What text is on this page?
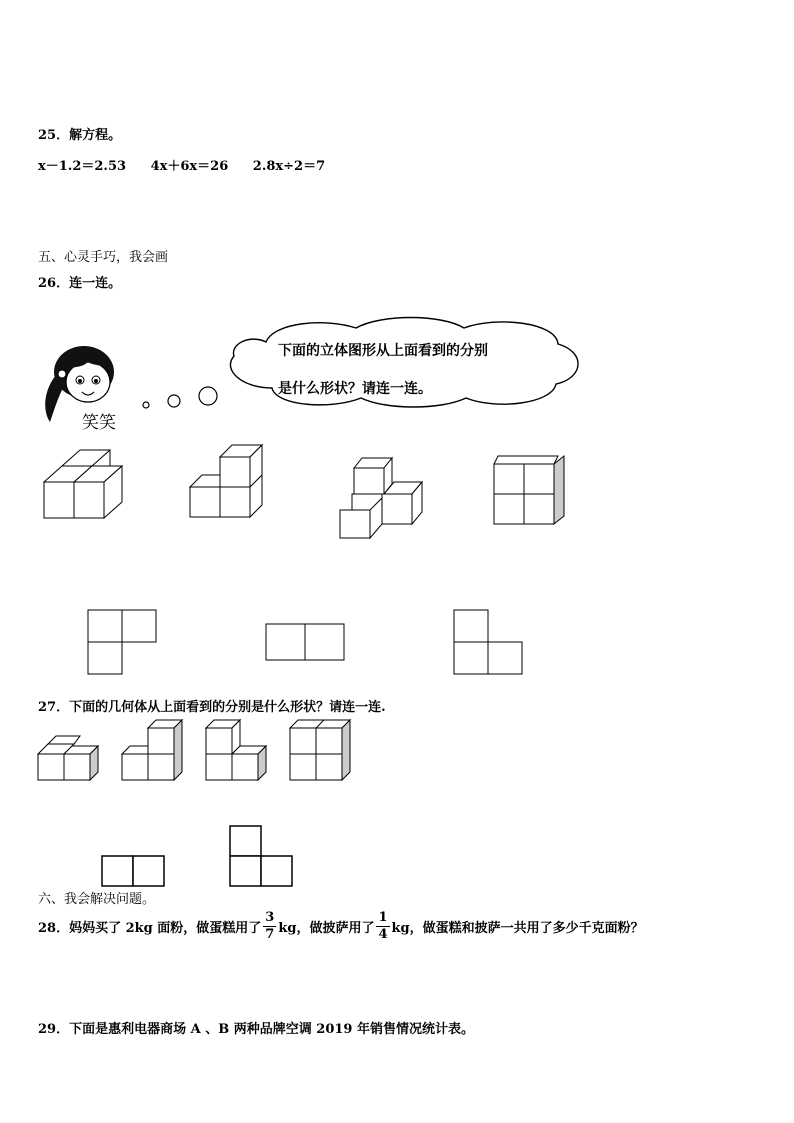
25．解方程。
x－1.2＝2.53 4x＋6x＝26 2.8x÷2＝7
五、心灵手巧，我会画
26．连一连。
笑笑
下面的立体图形从上面看到的分别
是什么形状？请连一连。
27．下面的几何体从上面看到的分别是什么形状？请连一连.
六、我会解决问题。
28．妈妈买了 2kg 面粉，做蛋糕用了 $\frac{3}{7}$ kg，做披萨用了 $\frac{1}{4}$ kg，做蛋糕和披萨一共用了多少千克面粉？
29．下面是惠利电器商场 A 、B 两种品牌空调 2019 年销售情况统计表。
